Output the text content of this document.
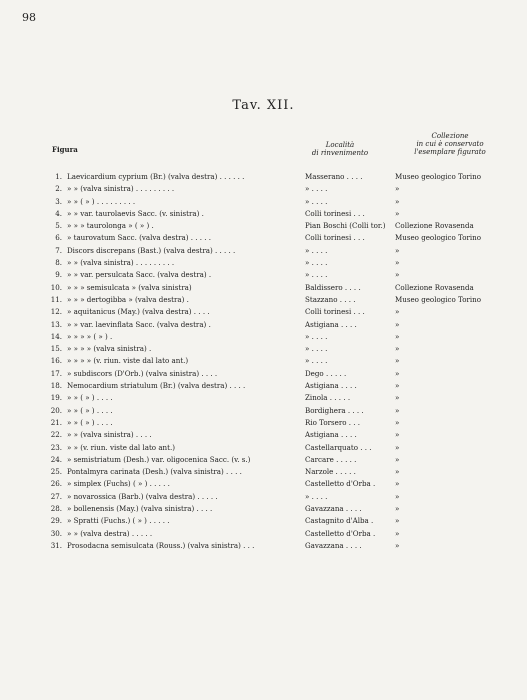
98
Tav. XII.
Figura	Località
di rinvenimento
Collezione
in cui è conservato
l'esemplare figurato
1. Laevicardium cyprium (Br.) (valva destra) . . . . . .	Masserano . . . .	Museo geologico Torino
2. » » (valva sinistra) . . . . . . . . .	» . . . .	»
3. » » ( » ) . . . . . . . . .	» . . . .	»
4. » » var. taurolaevis Sacc. (v. sinistra) .	Colli torinesi . . .	»
5. » » » taurolonga » ( » ) .	Pian Boschi (Colli tor.)	Collezione Rovasenda
6. » taurovatum Sacc. (valva destra) . . . . .	Colli torinesi . . .	Museo geologico Torino
7. Discors discrepans (Bast.) (valva destra) . . . . .	» . . . .	»
8. » » (valva sinistra) . . . . . . . . .	» . . . .	»
9. » » var. persulcata Sacc. (valva destra) .	» . . . .	»
10. » » » semisulcata » (valva sinistra)	Baldissero . . . .	Collezione Rovasenda
11. » » » dertogibba » (valva destra) .	Stazzano . . . .	Museo geologico Torino
12. » aquitanicus (May.) (valva destra) . . . .	Colli torinesi . . .	»
13. » » var. laevinflata Sacc. (valva destra) .	Astigiana . . . .	»
14. » » » » ( » ) .	» . . . .	»
15. » » » » (valva sinistra) .	» . . . .	»
16. » » » » (v. riun. viste dal lato ant.)	» . . . .	»
17. » subdiscors (D'Orb.) (valva sinistra) . . . .	Dego . . . . .	»
18. Nemocardium striatulum (Br.) (valva destra) . . . .	Astigiana . . . .	»
19. » » ( » ) . . . .	Zinola . . . . .	»
20. » » ( » ) . . . .	Bordighera . . . .	»
21. » » ( » ) . . . .	Rio Torsero . . .	»
22. » » (valva sinistra) . . . .	Astigiana . . . .	»
23. » » (v. riun. viste dal lato ant.)	Castellarquato . . .	»
24. » semistriatum (Desh.) var. oligocenica Sacc. (v. s.)	Carcare . . . . .	»
25. Pontalmyra carinata (Desh.) (valva sinistra) . . . .	Narzole . . . . .	»
26. » simplex (Fuchs) ( » ) . . . . .	Castelletto d'Orba .	»
27. » novarossica (Barb.) (valva destra) . . . . .	» . . . .	»
28. » bollenensis (May.) (valva sinistra) . . . .	Gavazzana . . . .	»
29. » Spratti (Fuchs.) ( » ) . . . . .	Castagnito d'Alba .	»
30. » » (valva destra) . . . . .	Castelletto d'Orba .	»
31. Prosodacna semisulcata (Rouss.) (valva sinistra) . . .	Gavazzana . . . .	»
